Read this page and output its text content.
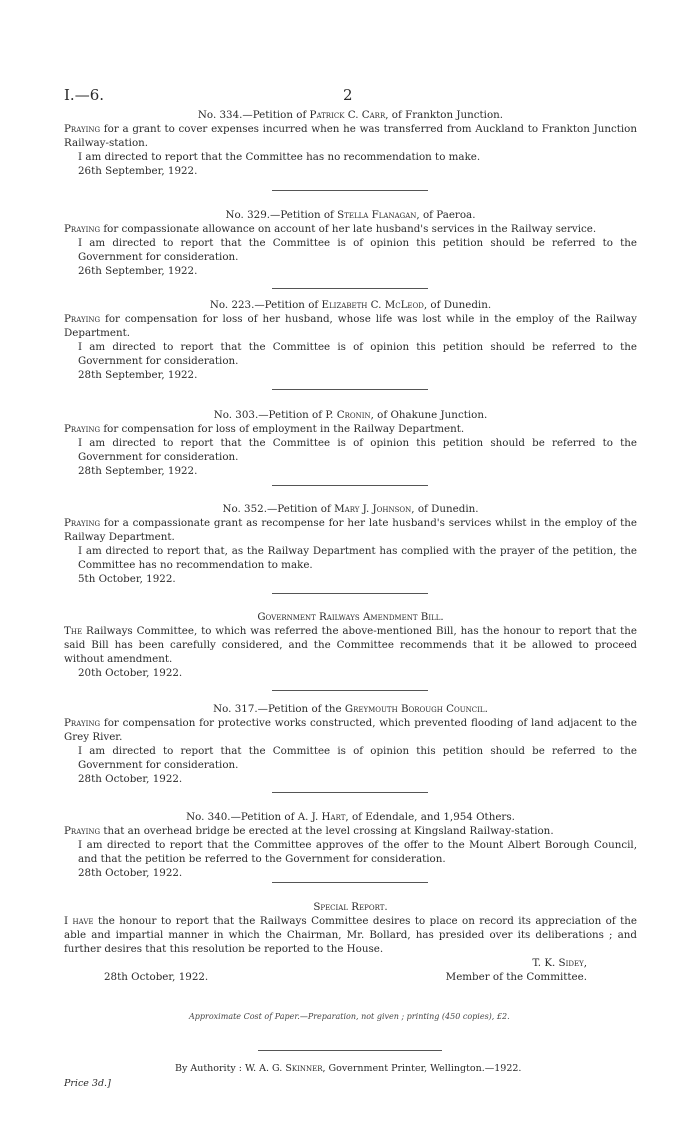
I.—6.	2
No. 334.—Petition of Patrick C. Carr, of Frankton Junction.

Praying for a grant to cover expenses incurred when he was transferred from Auckland to Frankton Junction Railway-station.

I am directed to report that the Committee has no recommendation to make.

26th September, 1922.

No. 329.—Petition of Stella Flanagan, of Paeroa.

Praying for compassionate allowance on account of her late husband's services in the Railway service.

I am directed to report that the Committee is of opinion this petition should be referred to the Government for consideration.

26th September, 1922.

No. 223.—Petition of Elizabeth C. McLeod, of Dunedin.

Praying for compensation for loss of her husband, whose life was lost while in the employ of the Railway Department.

I am directed to report that the Committee is of opinion this petition should be referred to the Government for consideration.

28th September, 1922.

No. 303.—Petition of P. Cronin, of Ohakune Junction.

Praying for compensation for loss of employment in the Railway Department.

I am directed to report that the Committee is of opinion this petition should be referred to the Government for consideration.

28th September, 1922.

No. 352.—Petition of Mary J. Johnson, of Dunedin.

Praying for a compassionate grant as recompense for her late husband's services whilst in the employ of the Railway Department.

I am directed to report that, as the Railway Department has complied with the prayer of the petition, the Committee has no recommendation to make.

5th October, 1922.

Government Railways Amendment Bill.

The Railways Committee, to which was referred the above-mentioned Bill, has the honour to report that the said Bill has been carefully considered, and the Committee recommends that it be allowed to proceed without amendment.

20th October, 1922.

No. 317.—Petition of the Greymouth Borough Council.

Praying for compensation for protective works constructed, which prevented flooding of land adjacent to the Grey River.

I am directed to report that the Committee is of opinion this petition should be referred to the Government for consideration.

28th October, 1922.

No. 340.—Petition of A. J. Hart, of Edendale, and 1,954 Others.

Praying that an overhead bridge be erected at the level crossing at Kingsland Railway-station.

I am directed to report that the Committee approves of the offer to the Mount Albert Borough Council, and that the petition be referred to the Government for consideration.

28th October, 1922.

Special Report.

I have the honour to report that the Railways Committee desires to place on record its appreciation of the able and impartial manner in which the Chairman, Mr. Bollard, has presided over its deliberations ; and further desires that this resolution be reported to the House.

T. K. Sidey,

28th October, 1922.	Member of the Committee.
Approximate Cost of Paper.—Preparation, not given ; printing (450 copies), £2.
By Authority : W. A. G. Skinner, Government Printer, Wellington.—1922.
Price 3d.]
